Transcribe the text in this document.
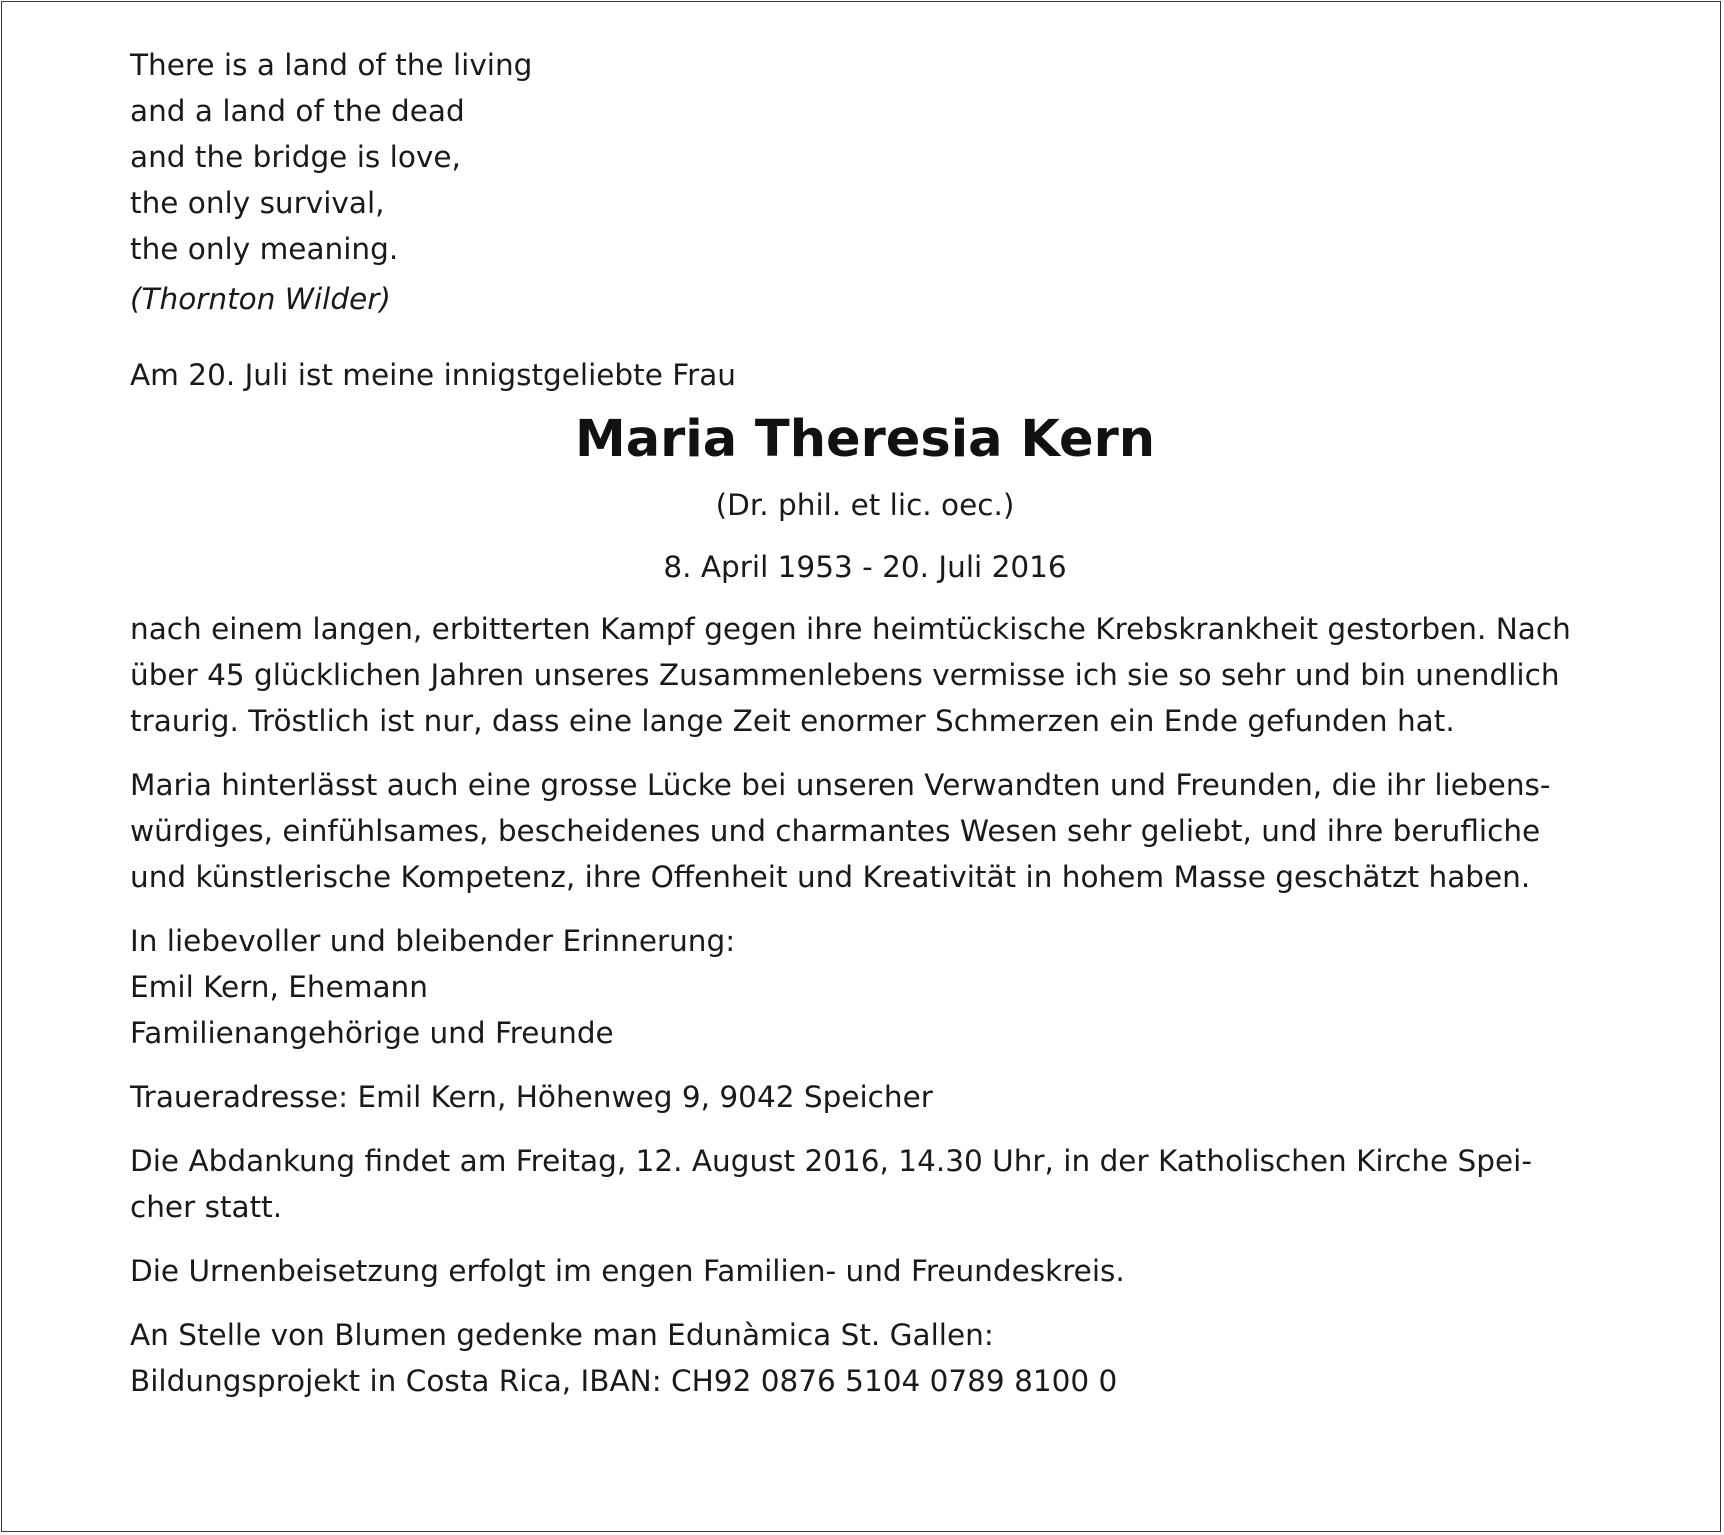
There is a land of the living
and a land of the dead
and the bridge is love,
the only survival,
the only meaning.
(Thornton Wilder)
Am 20. Juli ist meine innigstgeliebte Frau
Maria Theresia Kern
(Dr. phil. et lic. oec.)
8. April 1953 - 20. Juli 2016
nach einem langen, erbitterten Kampf gegen ihre heimtückische Krebskrankheit gestorben. Nach
über 45 glücklichen Jahren unseres Zusammenlebens vermisse ich sie so sehr und bin unendlich
traurig. Tröstlich ist nur, dass eine lange Zeit enormer Schmerzen ein Ende gefunden hat.
Maria hinterlässt auch eine grosse Lücke bei unseren Verwandten und Freunden, die ihr liebens-
würdiges, einfühlsames, bescheidenes und charmantes Wesen sehr geliebt, und ihre berufliche
und künstlerische Kompetenz, ihre Offenheit und Kreativität in hohem Masse geschätzt haben.
In liebevoller und bleibender Erinnerung:
Emil Kern, Ehemann
Familienangehörige und Freunde
Traueradresse: Emil Kern, Höhenweg 9, 9042 Speicher
Die Abdankung findet am Freitag, 12. August 2016, 14.30 Uhr, in der Katholischen Kirche Spei-
cher statt.
Die Urnenbeisetzung erfolgt im engen Familien- und Freundeskreis.
An Stelle von Blumen gedenke man Edunàmica St. Gallen:
Bildungsprojekt in Costa Rica, IBAN: CH92 0876 5104 0789 8100 0
